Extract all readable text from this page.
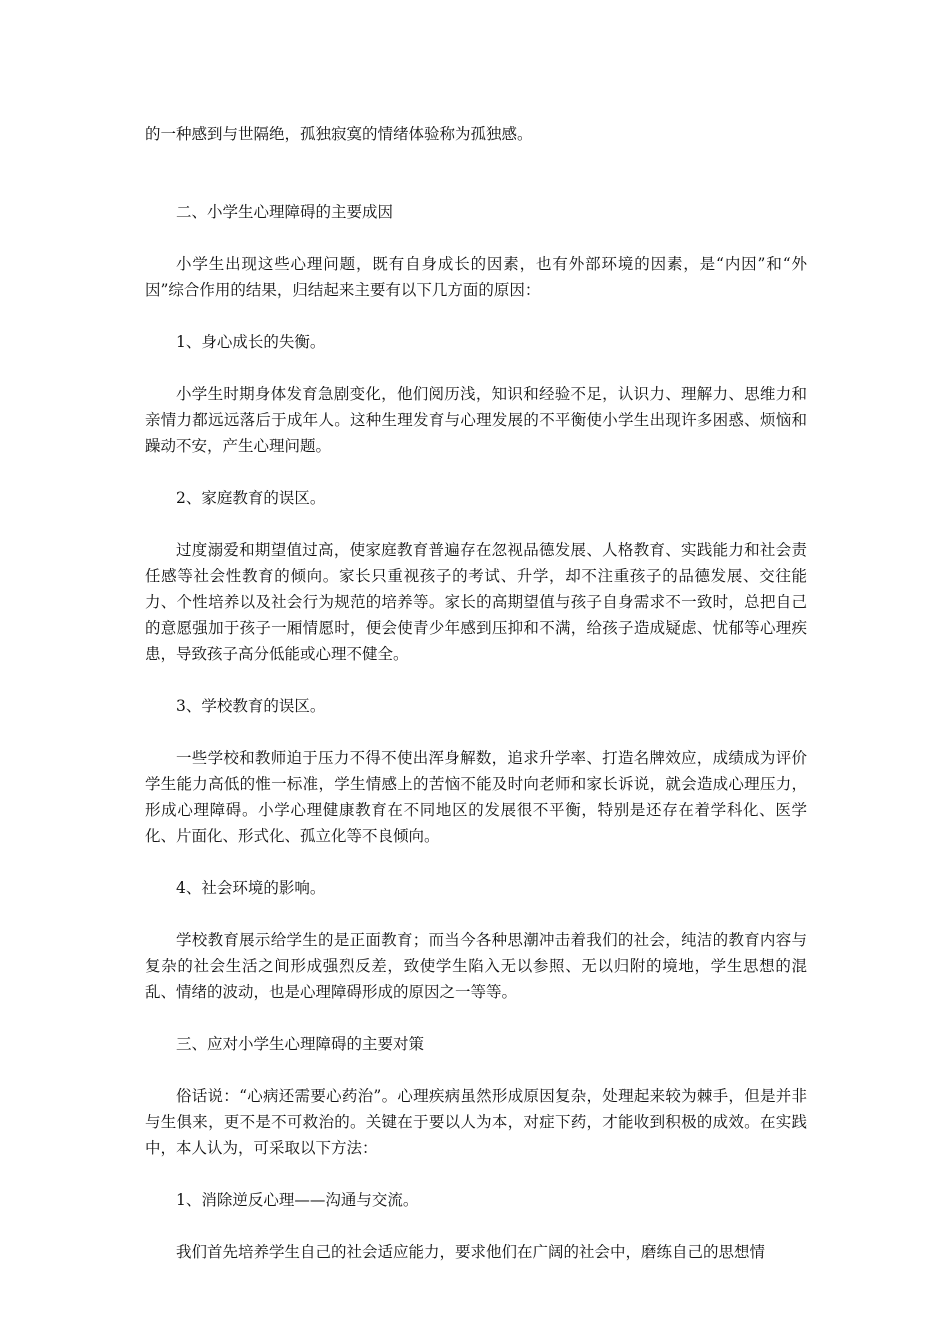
的一种感到与世隔绝，孤独寂寞的情绪体验称为孤独感。

二、小学生心理障碍的主要成因

小学生出现这些心理问题，既有自身成长的因素，也有外部环境的因素，是“内因”和“外因”综合作用的结果，归结起来主要有以下几方面的原因：

1、身心成长的失衡。

小学生时期身体发育急剧变化，他们阅历浅，知识和经验不足，认识力、理解力、思维力和亲情力都远远落后于成年人。这种生理发育与心理发展的不平衡使小学生出现许多困惑、烦恼和躁动不安，产生心理问题。

2、家庭教育的误区。

过度溺爱和期望值过高，使家庭教育普遍存在忽视品德发展、人格教育、实践能力和社会责任感等社会性教育的倾向。家长只重视孩子的考试、升学，却不注重孩子的品德发展、交往能力、个性培养以及社会行为规范的培养等。家长的高期望值与孩子自身需求不一致时，总把自己的意愿强加于孩子一厢情愿时，便会使青少年感到压抑和不满，给孩子造成疑虑、忧郁等心理疾患，导致孩子高分低能或心理不健全。

3、学校教育的误区。

一些学校和教师迫于压力不得不使出浑身解数，追求升学率、打造名牌效应，成绩成为评价学生能力高低的惟一标准，学生情感上的苦恼不能及时向老师和家长诉说，就会造成心理压力，形成心理障碍。小学心理健康教育在不同地区的发展很不平衡，特别是还存在着学科化、医学化、片面化、形式化、孤立化等不良倾向。

4、社会环境的影响。

学校教育展示给学生的是正面教育；而当今各种思潮冲击着我们的社会，纯洁的教育内容与复杂的社会生活之间形成强烈反差，致使学生陷入无以参照、无以归附的境地，学生思想的混乱、情绪的波动，也是心理障碍形成的原因之一等等。

三、应对小学生心理障碍的主要对策

俗话说：“心病还需要心药治”。心理疾病虽然形成原因复杂，处理起来较为棘手，但是并非与生俱来，更不是不可救治的。关键在于要以人为本，对症下药，才能收到积极的成效。在实践中，本人认为，可采取以下方法：

1、消除逆反心理——沟通与交流。

我们首先培养学生自己的社会适应能力，要求他们在广阔的社会中，磨练自己的思想情
